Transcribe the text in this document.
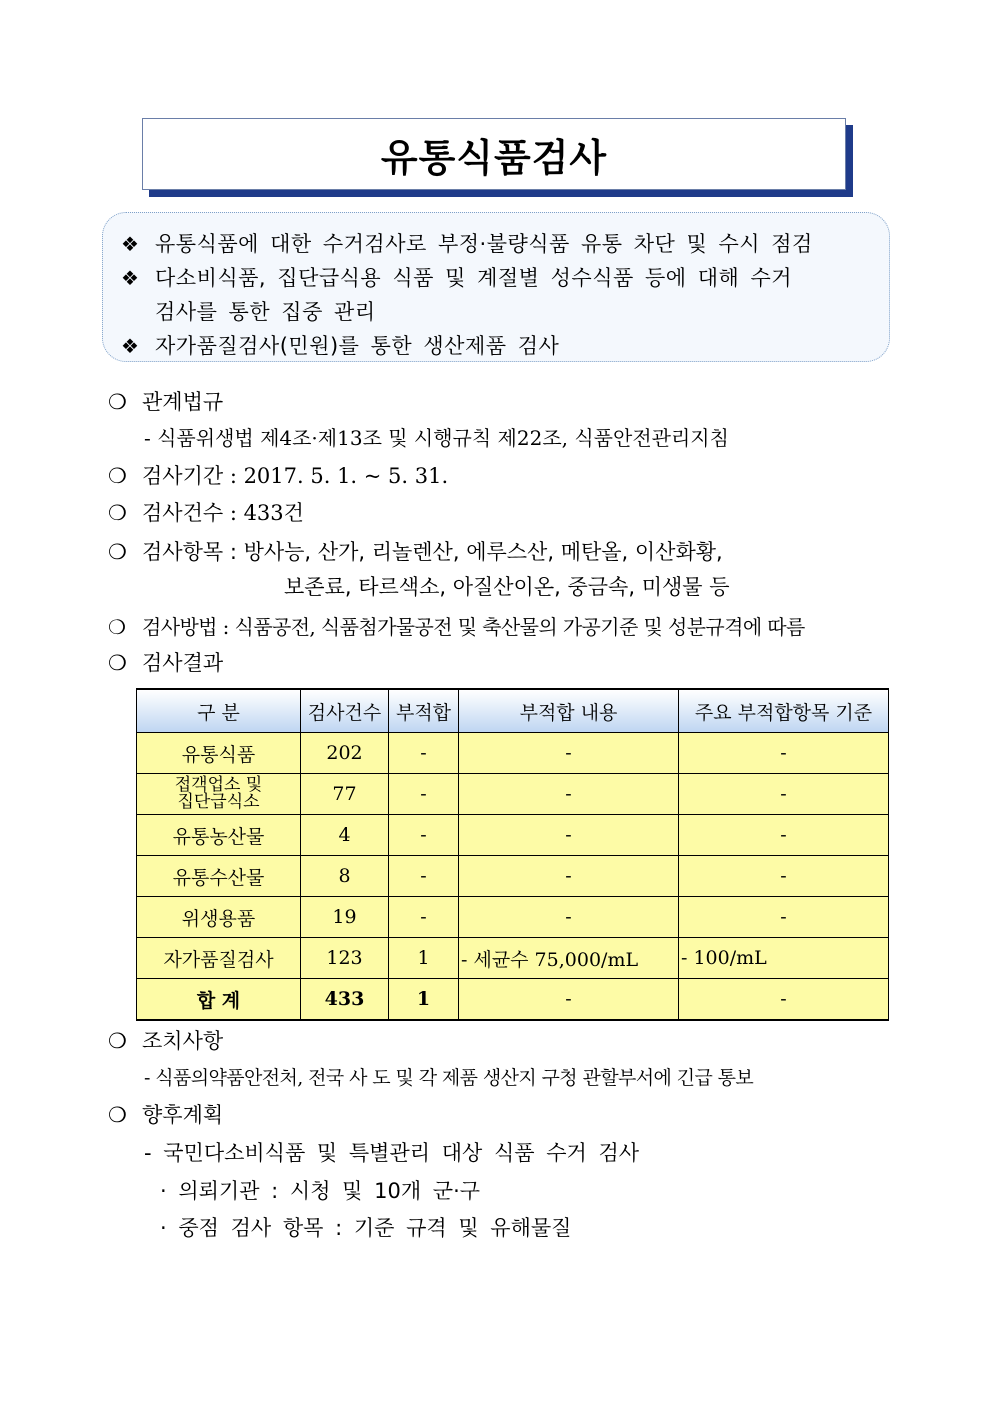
유통식품검사
❖ 유통식품에 대한 수거검사로 부정·불량식품 유통 차단 및 수시 점검
❖ 다소비식품, 집단급식용 식품 및 계절별 성수식품 등에 대해 수거
검사를 통한 집중 관리
❖ 자가품질검사(민원)를 통한 생산제품 검사
❍ 관계법규
- 식품위생법 제4조·제13조 및 시행규칙 제22조, 식품안전관리지침
❍ 검사기간 : 2017. 5. 1. ~ 5. 31.
❍ 검사건수 : 433건
❍ 검사항목 : 방사능, 산가, 리놀렌산, 에루스산, 메탄올, 이산화황,
보존료, 타르색소, 아질산이온, 중금속, 미생물 등
❍ 검사방법 : 식품공전, 식품첨가물공전 및 축산물의 가공기준 및 성분규격에 따름
❍ 검사결과
구 분	검사건수	부적합	부적합 내용	주요 부적합항목 기준
유통식품	202	-	-	-
접객업소 및
집단급식소	77	-	-	-
유통농산물	4	-	-	-
유통수산물	8	-	-	-
위생용품	19	-	-	-
자가품질검사	123	1	- 세균수 75,000/mL	- 100/mL
합 계	433	1	-	-
❍ 조치사항
- 식품의약품안전처, 전국 사 도 및 각 제품 생산지 구청 관할부서에 긴급 통보
❍ 향후계획
- 국민다소비식품 및 특별관리 대상 식품 수거 검사
· 의뢰기관 : 시청 및 10개 군·구
· 중점 검사 항목 : 기준 규격 및 유해물질
